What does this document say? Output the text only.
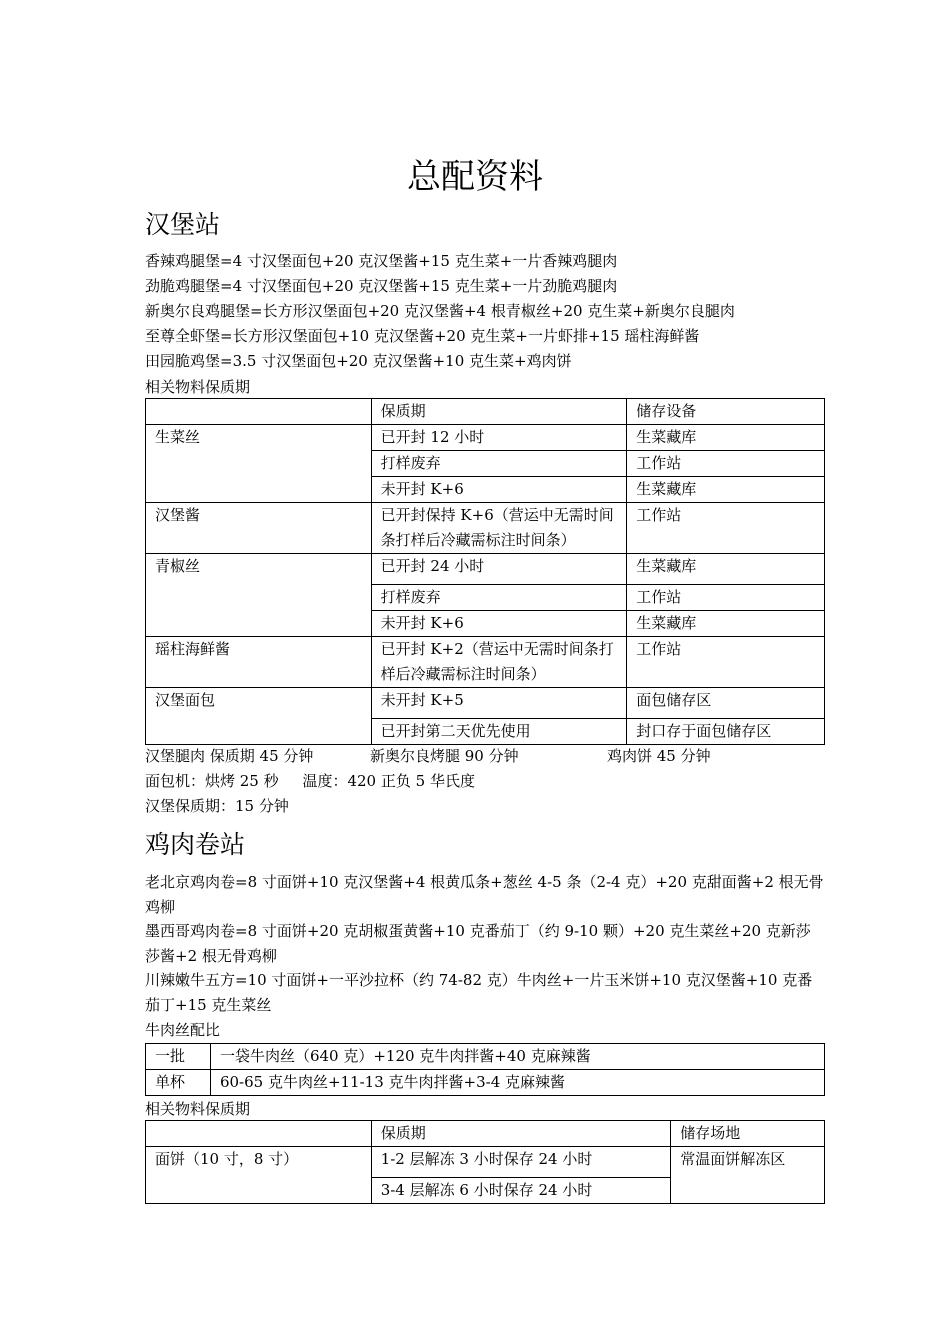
总配资料
汉堡站
香辣鸡腿堡=4 寸汉堡面包+20 克汉堡酱+15 克生菜+一片香辣鸡腿肉
劲脆鸡腿堡=4 寸汉堡面包+20 克汉堡酱+15 克生菜+一片劲脆鸡腿肉
新奥尔良鸡腿堡=长方形汉堡面包+20 克汉堡酱+4 根青椒丝+20 克生菜+新奥尔良腿肉
至尊全虾堡=长方形汉堡面包+10 克汉堡酱+20 克生菜+一片虾排+15 瑶柱海鲜酱
田园脆鸡堡=3.5 寸汉堡面包+20 克汉堡酱+10 克生菜+鸡肉饼
相关物料保质期
	保质期	储存设备
生菜丝	已开封 12 小时	生菜藏库
	打样废弃	工作站
	未开封 K+6	生菜藏库
汉堡酱	已开封保持 K+6（营运中无需时间条打样后冷藏需标注时间条）	工作站
青椒丝	已开封 24 小时	生菜藏库
	打样废弃	工作站
	未开封 K+6	生菜藏库
瑶柱海鲜酱	已开封 K+2（营运中无需时间条打样后冷藏需标注时间条）	工作站
汉堡面包	未开封 K+5	面包储存区
	已开封第二天优先使用	封口存于面包储存区
汉堡腿肉 保质期 45 分钟	新奥尔良烤腿 90 分钟	鸡肉饼 45 分钟
面包机：烘烤 25 秒     温度：420 正负 5 华氏度
汉堡保质期：15 分钟
鸡肉卷站
老北京鸡肉卷=8 寸面饼+10 克汉堡酱+4 根黄瓜条+葱丝 4-5 条（2-4 克）+20 克甜面酱+2 根无骨鸡柳
墨西哥鸡肉卷=8 寸面饼+20 克胡椒蛋黄酱+10 克番茄丁（约 9-10 颗）+20 克生菜丝+20 克新莎莎酱+2 根无骨鸡柳
川辣嫩牛五方=10 寸面饼+一平沙拉杯（约 74-82 克）牛肉丝+一片玉米饼+10 克汉堡酱+10 克番茄丁+15 克生菜丝
牛肉丝配比
一批	一袋牛肉丝（640 克）+120 克牛肉拌酱+40 克麻辣酱
单杯	60-65 克牛肉丝+11-13 克牛肉拌酱+3-4 克麻辣酱
相关物料保质期
	保质期	储存场地
面饼（10 寸，8 寸）	1-2 层解冻 3 小时保存 24 小时	常温面饼解冻区
	3-4 层解冻 6 小时保存 24 小时	
